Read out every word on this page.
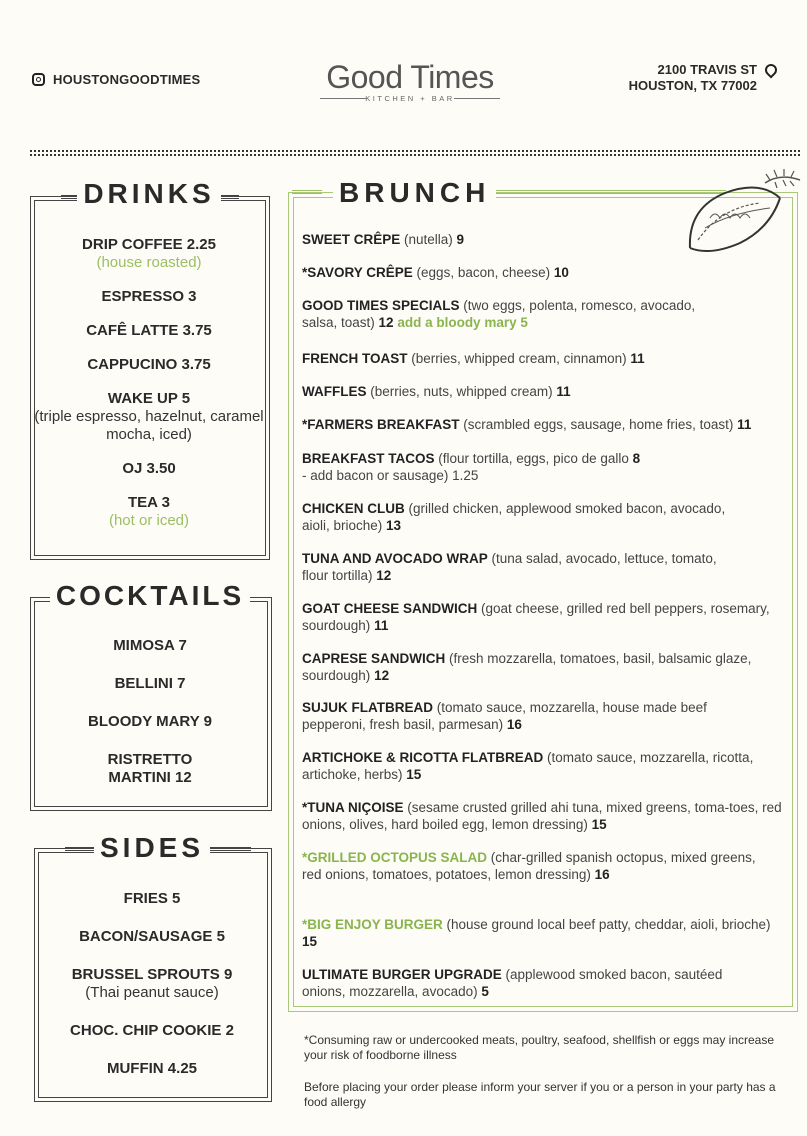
HOUSTONGOODTIMES	Good Times
KITCHEN + BAR
2100 TRAVIS ST
HOUSTON, TX 77002
DRINKS
DRIP COFFEE 2.25
(house roasted)
ESPRESSO 3
CAFÊ LATTE 3.75
CAPPUCINO 3.75
WAKE UP 5
(triple espresso, hazelnut, caramel mocha, iced)
OJ 3.50
TEA 3
(hot or iced)
COCKTAILS
MIMOSA 7
BELLINI 7
BLOODY MARY 9
RISTRETTO
MARTINI 12
SIDES
FRIES 5
BACON/SAUSAGE 5
BRUSSEL SPROUTS 9
(Thai peanut sauce)
CHOC. CHIP COOKIE 2
MUFFIN 4.25
BRUNCH
SWEET CRÊPE (nutella) 9
*SAVORY CRÊPE (eggs, bacon, cheese) 10
GOOD TIMES SPECIALS (two eggs, polenta, romesco, avocado, salsa, toast) 12 add a bloody mary 5
FRENCH TOAST (berries, whipped cream, cinnamon) 11
WAFFLES (berries, nuts, whipped cream) 11
*FARMERS BREAKFAST (scrambled eggs, sausage, home fries, toast) 11
BREAKFAST TACOS (flour tortilla, eggs, pico de gallo 8
- add bacon or sausage) 1.25
CHICKEN CLUB (grilled chicken, applewood smoked bacon, avocado, aioli, brioche) 13
TUNA AND AVOCADO WRAP (tuna salad, avocado, lettuce, tomato, flour tortilla) 12
GOAT CHEESE SANDWICH (goat cheese, grilled red bell peppers, rosemary, sourdough) 11
CAPRESE SANDWICH (fresh mozzarella, tomatoes, basil, balsamic glaze, sourdough) 12
SUJUK FLATBREAD (tomato sauce, mozzarella, house made beef pepperoni, fresh basil, parmesan) 16
ARTICHOKE & RICOTTA FLATBREAD (tomato sauce, mozzarella, ricotta, artichoke, herbs) 15
*TUNA NIÇOISE (sesame crusted grilled ahi tuna, mixed greens, toma-toes, red onions, olives, hard boiled egg, lemon dressing) 15
*GRILLED OCTOPUS SALAD (char-grilled spanish octopus, mixed greens, red onions, tomatoes, potatoes, lemon dressing) 16
*BIG ENJOY BURGER (house ground local beef patty, cheddar, aioli, brioche) 15
ULTIMATE BURGER UPGRADE (applewood smoked bacon, sautéed onions, mozzarella, avocado) 5
*Consuming raw or undercooked meats, poultry, seafood, shellfish or eggs may increase your risk of foodborne illness
Before placing your order please inform your server if you or a person in your party has a food allergy
